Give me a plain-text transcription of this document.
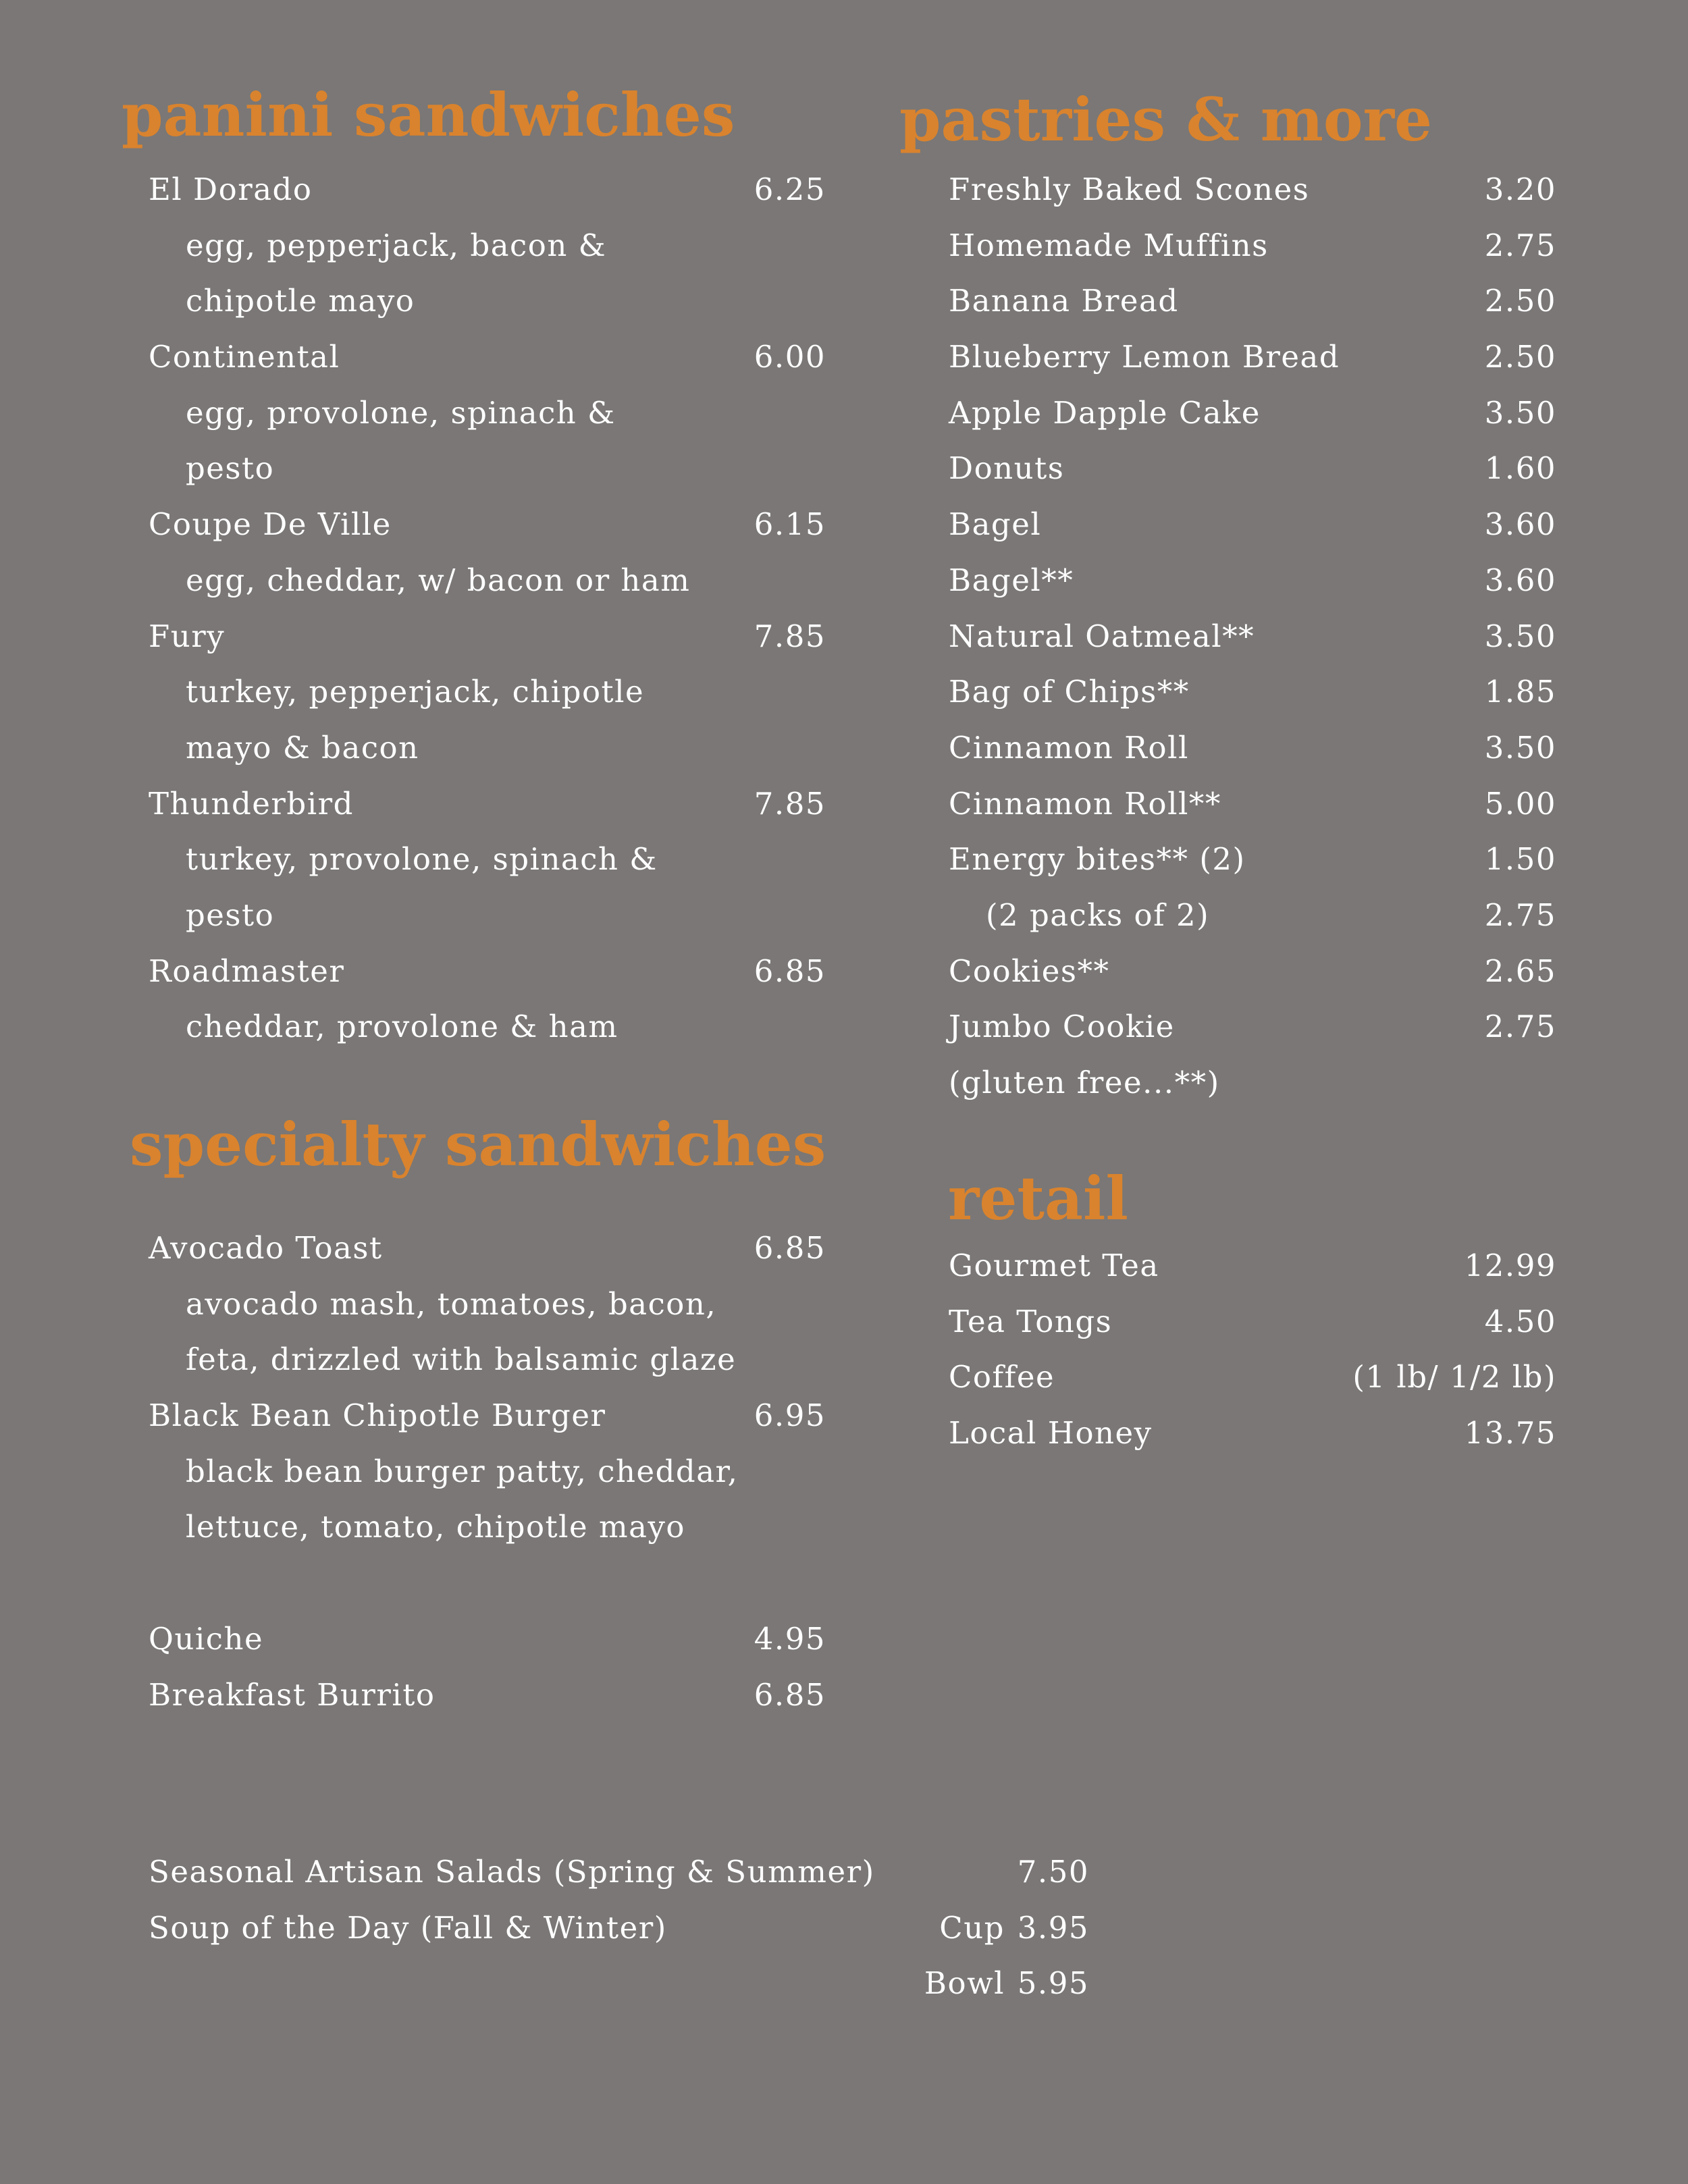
panini sandwiches
El Dorado	6.25
egg, pepperjack, bacon &
chipotle mayo
Continental	6.00
egg, provolone, spinach &
pesto
Coupe De Ville	6.15
egg, cheddar, w/ bacon or ham
Fury	7.85
turkey, pepperjack, chipotle
mayo & bacon
Thunderbird	7.85
turkey, provolone, spinach &
pesto
Roadmaster	6.85
cheddar, provolone & ham
specialty sandwiches
Avocado Toast	6.85
avocado mash, tomatoes, bacon,
feta, drizzled with balsamic glaze
Black Bean Chipotle Burger	6.95
black bean burger patty, cheddar,
lettuce, tomato, chipotle mayo
Quiche	4.95
Breakfast Burrito	6.85
pastries & more
Freshly Baked Scones	3.20
Homemade Muffins	2.75
Banana Bread	2.50
Blueberry Lemon Bread	2.50
Apple Dapple Cake	3.50
Donuts	1.60
Bagel	3.60
Bagel**	3.60
Natural Oatmeal**	3.50
Bag of Chips**	1.85
Cinnamon Roll	3.50
Cinnamon Roll**	5.00
Energy bites** (2)	1.50
(2 packs of 2)	2.75
Cookies**	2.65
Jumbo Cookie	2.75
(gluten free...**)
retail
Gourmet Tea	12.99
Tea Tongs	4.50
Coffee	(1 lb/ 1/2 lb)
Local Honey	13.75
Seasonal Artisan Salads (Spring & Summer)	7.50
Soup of the Day (Fall & Winter)	Cup 3.95
Bowl 5.95
